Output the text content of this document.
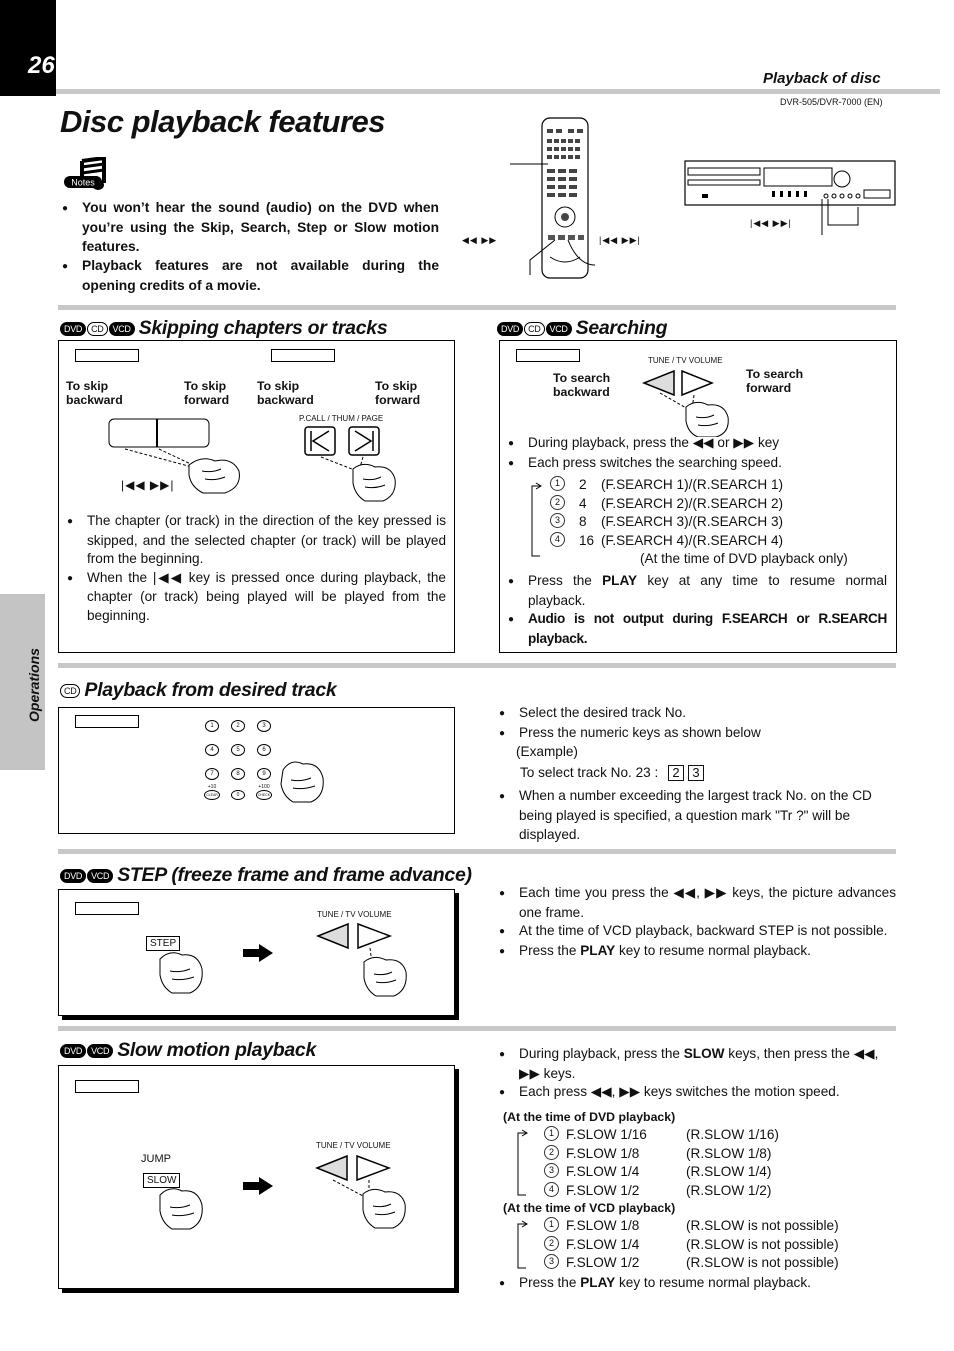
26	Playback of disc
DVR-505/DVR-7000 (EN)
Disc playback features
Notes
● You won’t hear the sound (audio) on the DVD when you’re using the Skip, Search, Step or Slow motion features.
● Playback features are not available during the opening credits of a movie.
◀◀ ▶▶	|◀◀ ▶▶|
|◀◀ ▶▶|
Operations
DVD CD VCD Skipping chapters or tracks
To skip backward
To skip forward
To skip backward
To skip forward
|◀◀ ▶▶|
P.CALL / THUM / PAGE
● The chapter (or track) in the direction of the key pressed is skipped, and the selected chapter (or track) will be played from the beginning.
● When the |◀◀ key is pressed once during playback, the chapter (or track) being played will be played from the beginning.
DVD CD VCD Searching
TUNE / TV VOLUME
To search backward
To search forward
● During playback, press the ◀◀ or ▶▶ key
● Each press switches the searching speed.
1	2	(F.SEARCH 1)/(R.SEARCH 1)
2	4	(F.SEARCH 2)/(R.SEARCH 2)
3	8	(F.SEARCH 3)/(R.SEARCH 3)
4	16 (F.SEARCH 4)/(R.SEARCH 4)
(At the time of DVD playback only)
● Press the PLAY key at any time to resume normal playback.
● Audio is not output during F.SEARCH or R.SEARCH playback.
CD Playback from desired track
1	2	3
4	5	6
7	8	9
+10
CLEAR
	0
+100
CHECK
● Select the desired track No.
● Press the numeric keys as shown below
(Example)
To select track No. 23 : 2 3
● When a number exceeding the largest track No. on the CD being played is specified, a question mark "Tr ?" will be displayed.
DVD VCD STEP (freeze frame and frame advance)
STEP
TUNE / TV VOLUME
● Each time you press the ◀◀, ▶▶ keys, the picture advances one frame.
● At the time of VCD playback, backward STEP is not possible.
● Press the PLAY key to resume normal playback.
DVD VCD Slow motion playback
JUMP
SLOW
TUNE / TV VOLUME
● During playback, press the SLOW keys, then press the ◀◀, ▶▶ keys.
● Each press ◀◀, ▶▶ keys switches the motion speed.
(At the time of DVD playback)
1 F.SLOW 1/16	(R.SLOW 1/16)
2 F.SLOW 1/8	(R.SLOW 1/8)
3 F.SLOW 1/4	(R.SLOW 1/4)
4 F.SLOW 1/2	(R.SLOW 1/2)
(At the time of VCD playback)
1 F.SLOW 1/8	(R.SLOW is not possible)
2 F.SLOW 1/4	(R.SLOW is not possible)
3 F.SLOW 1/2	(R.SLOW is not possible)
● Press the PLAY key to resume normal playback.
